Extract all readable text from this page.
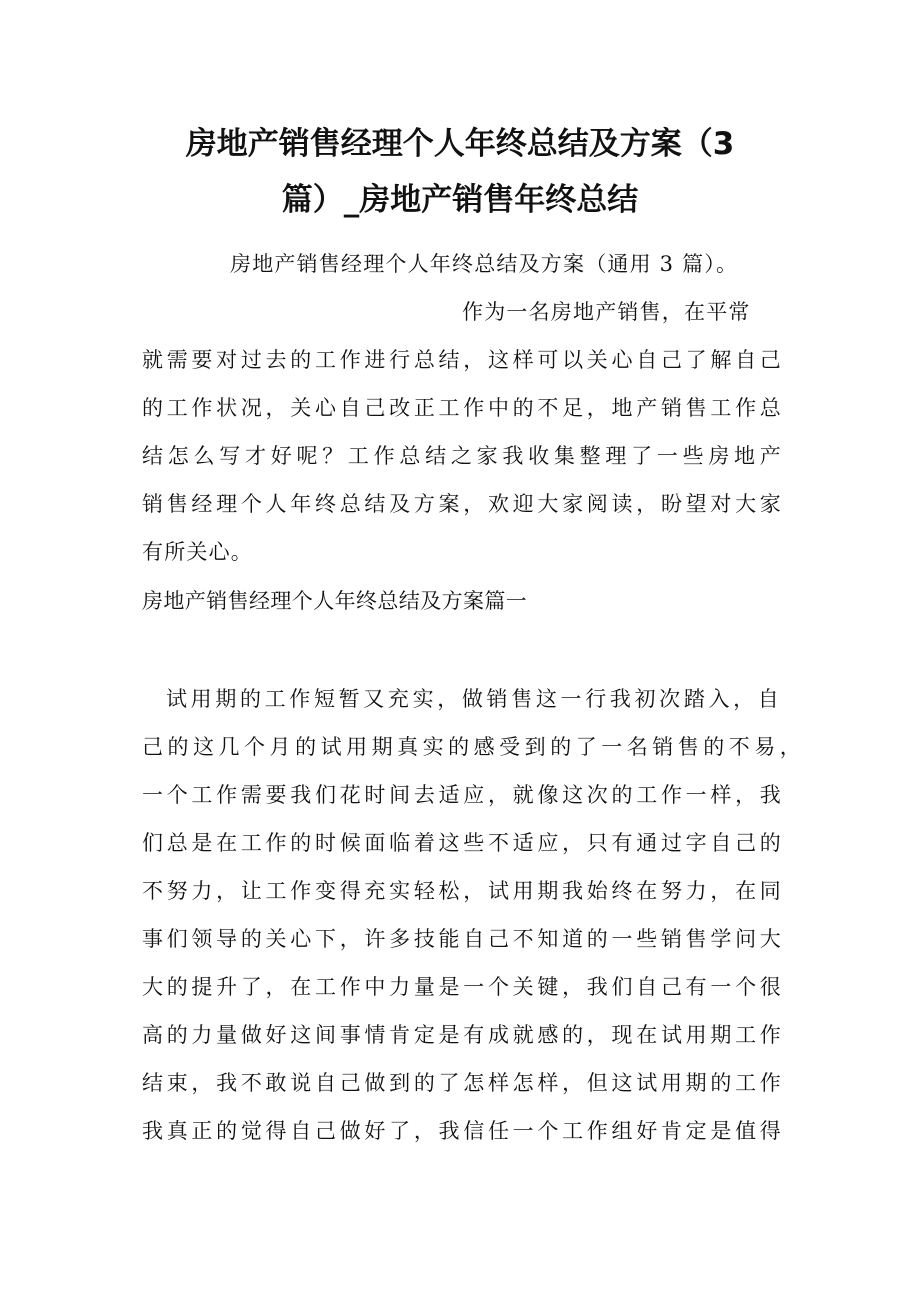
房地产销售经理个人年终总结及方案（3
篇）_房地产销售年终总结
房地产销售经理个人年终总结及方案（通用 3 篇）。
作为一名房地产销售，在平常
就需要对过去的工作进行总结，这样可以关心自己了解自己
的工作状况，关心自己改正工作中的不足，地产销售工作总
结怎么写才好呢？工作总结之家我收集整理了一些房地产
销售经理个人年终总结及方案，欢迎大家阅读，盼望对大家
有所关心。
房地产销售经理个人年终总结及方案篇一
试用期的工作短暂又充实，做销售这一行我初次踏入，自
己的这几个月的试用期真实的感受到的了一名销售的不易，
一个工作需要我们花时间去适应，就像这次的工作一样，我
们总是在工作的时候面临着这些不适应，只有通过字自己的
不努力，让工作变得充实轻松，试用期我始终在努力，在同
事们领导的关心下，许多技能自己不知道的一些销售学问大
大的提升了，在工作中力量是一个关键，我们自己有一个很
高的力量做好这间事情肯定是有成就感的，现在试用期工作
结束，我不敢说自己做到的了怎样怎样，但这试用期的工作
我真正的觉得自己做好了，我信任一个工作组好肯定是值得
